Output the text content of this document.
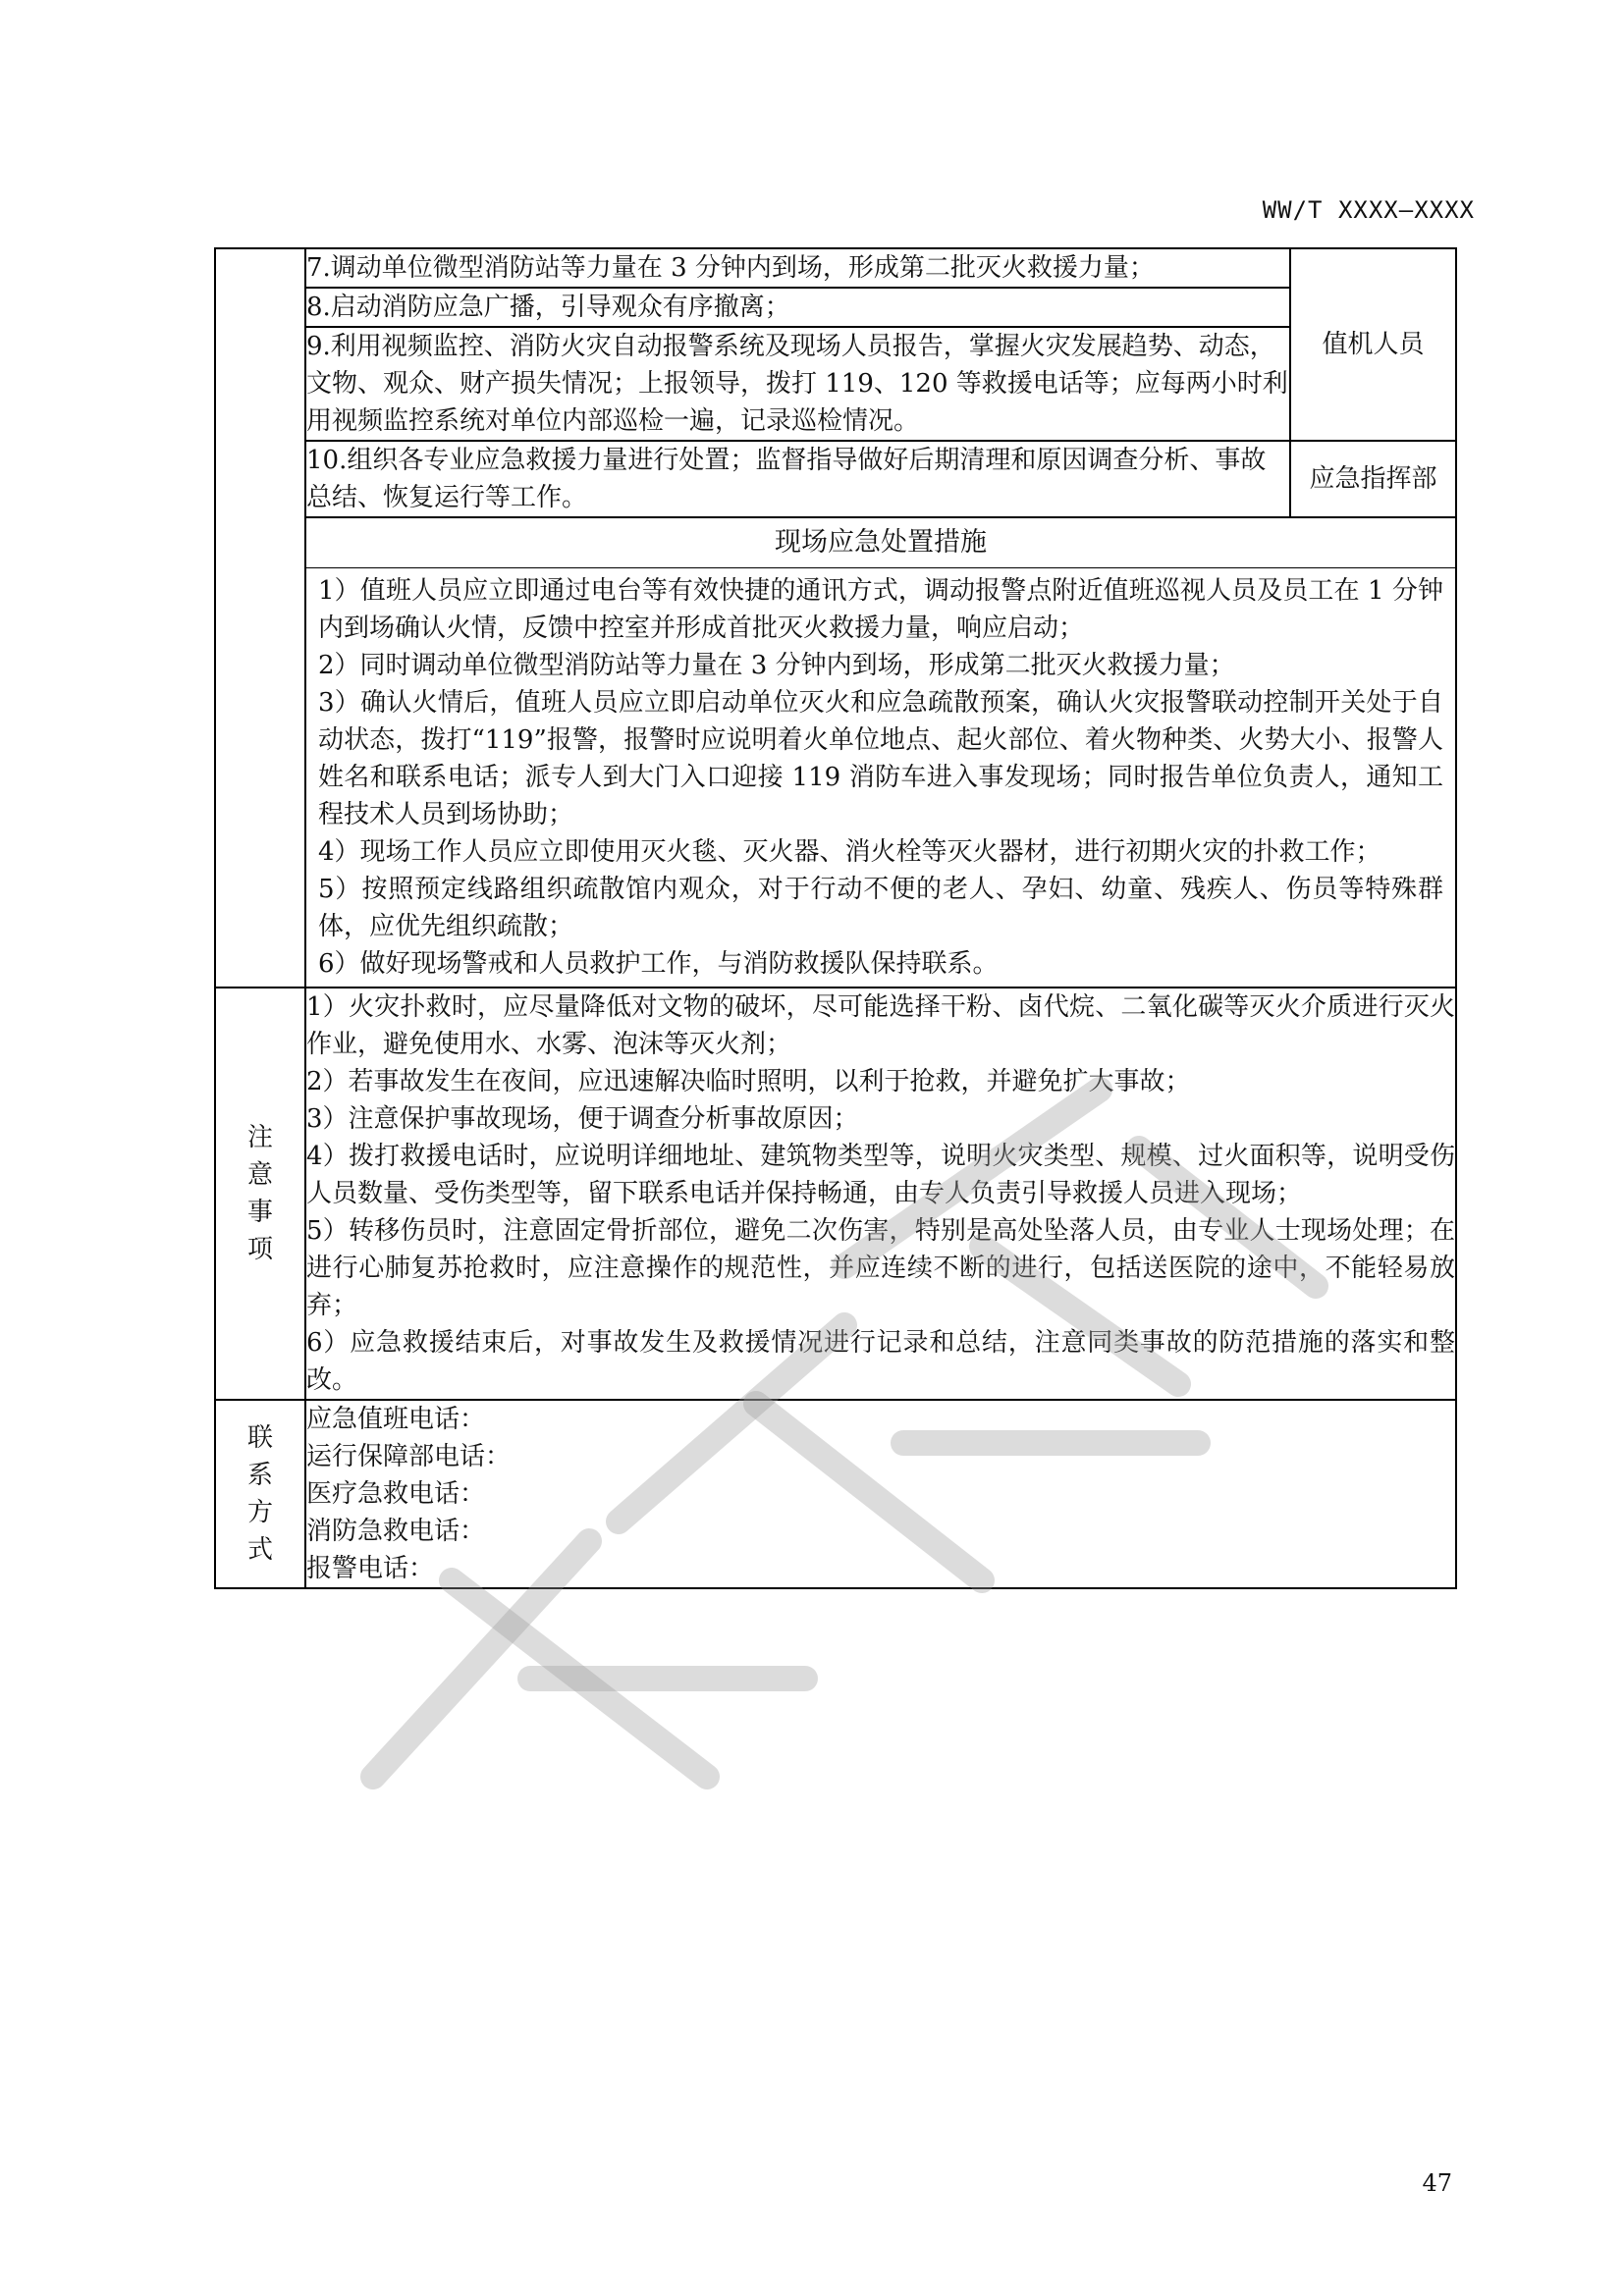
WW/T XXXX—XXXX

7.调动单位微型消防站等力量在 3 分钟内到场，形成第二批灭火救援力量；	值机人员
8.启动消防应急广播，引导观众有序撤离；
9.利用视频监控、消防火灾自动报警系统及现场人员报告，掌握火灾发展趋势、动态，文物、观众、财产损失情况；上报领导，拨打 119、120 等救援电话等；应每两小时利用视频监控系统对单位内部巡检一遍，记录巡检情况。
10.组织各专业应急救援力量进行处置；监督指导做好后期清理和原因调查分析、事故总结、恢复运行等工作。	应急指挥部

现场应急处置措施
1）值班人员应立即通过电台等有效快捷的通讯方式，调动报警点附近值班巡视人员及员工在 1 分钟内到场确认火情，反馈中控室并形成首批灭火救援力量，响应启动；
2）同时调动单位微型消防站等力量在 3 分钟内到场，形成第二批灭火救援力量；
3）确认火情后，值班人员应立即启动单位灭火和应急疏散预案，确认火灾报警联动控制开关处于自动状态，拨打“119”报警，报警时应说明着火单位地点、起火部位、着火物种类、火势大小、报警人姓名和联系电话；派专人到大门入口迎接 119 消防车进入事发现场；同时报告单位负责人，通知工程技术人员到场协助；
4）现场工作人员应立即使用灭火毯、灭火器、消火栓等灭火器材，进行初期火灾的扑救工作；
5）按照预定线路组织疏散馆内观众，对于行动不便的老人、孕妇、幼童、残疾人、伤员等特殊群体，应优先组织疏散；
6）做好现场警戒和人员救护工作，与消防救援队保持联系。

注
意
事
项

1）火灾扑救时，应尽量降低对文物的破坏，尽可能选择干粉、卤代烷、二氧化碳等灭火介质进行灭火作业，避免使用水、水雾、泡沫等灭火剂；
2）若事故发生在夜间，应迅速解决临时照明，以利于抢救，并避免扩大事故；
3）注意保护事故现场，便于调查分析事故原因；
4）拨打救援电话时，应说明详细地址、建筑物类型等，说明火灾类型、规模、过火面积等，说明受伤人员数量、受伤类型等，留下联系电话并保持畅通，由专人负责引导救援人员进入现场；
5）转移伤员时，注意固定骨折部位，避免二次伤害，特别是高处坠落人员，由专业人士现场处理；在进行心肺复苏抢救时，应注意操作的规范性，并应连续不断的进行，包括送医院的途中，不能轻易放弃；
6）应急救援结束后，对事故发生及救援情况进行记录和总结，注意同类事故的防范措施的落实和整改。

联
系
方
式

应急值班电话：
运行保障部电话：
医疗急救电话：
消防急救电话：
报警电话：
47
